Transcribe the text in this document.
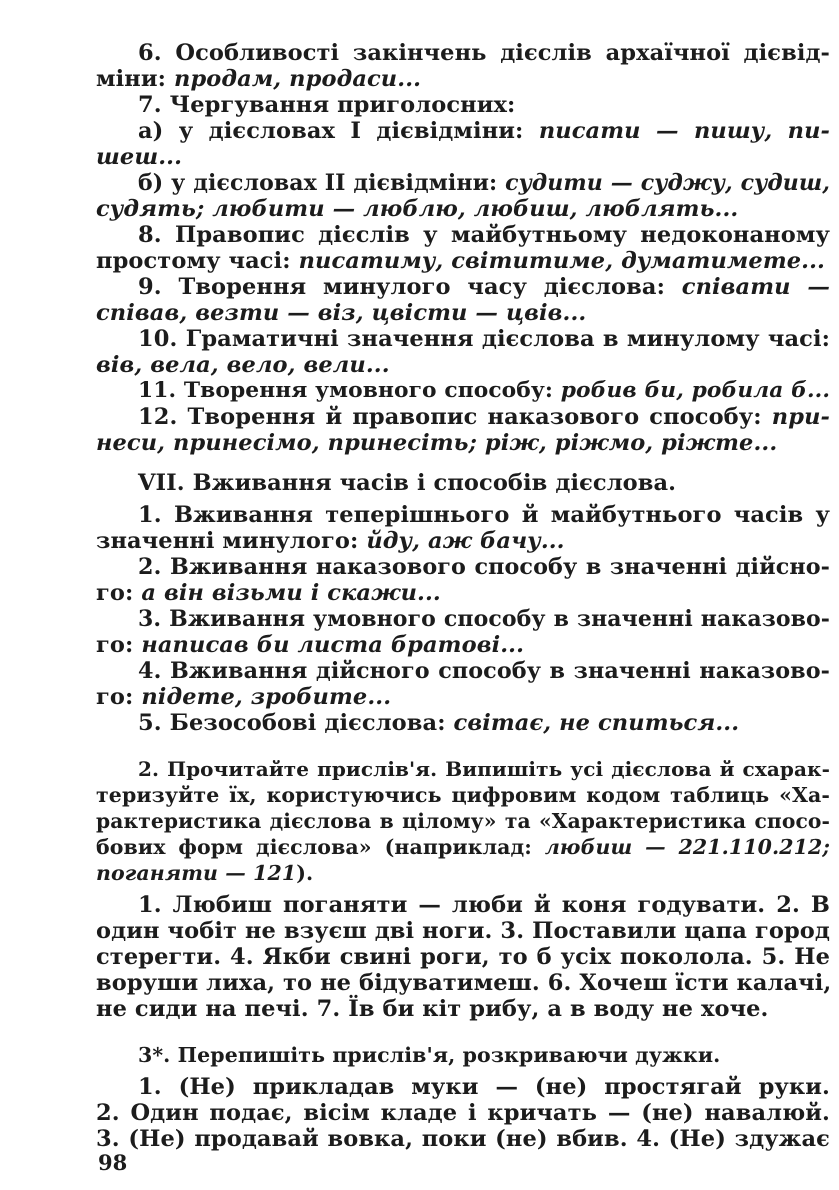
6. Особливості закінчень дієслів архаїчної дієвід-
міни: продам, продаси...
7. Чергування приголосних:
а) у дієсловах I дієвідміни: писати — пишу, пи-
шеш...
б) у дієсловах II дієвідміни: судити — суджу, судиш,
судять; любити — люблю, любиш, люблять...
8. Правопис дієслів у майбутньому недоконаному
простому часі: писатиму, світитиме, думатимете...
9. Творення минулого часу дієслова: співати —
співав, везти — віз, цвісти — цвів...
10. Граматичні значення дієслова в минулому часі:
вів, вела, вело, вели...
11. Творення умовного способу: робив би, робила б...
12. Творення й правопис наказового способу: при-
неси, принесімо, принесіть; ріж, ріжмо, ріжте...
VII. Вживання часів і способів дієслова.
1. Вживання теперішнього й майбутнього часів у
значенні минулого: йду, аж бачу...
2. Вживання наказового способу в значенні дійсно-
го: а він візьми і скажи...
3. Вживання умовного способу в значенні наказово-
го: написав би листа братові...
4. Вживання дійсного способу в значенні наказово-
го: підете, зробите...
5. Безособові дієслова: світає, не спиться...
2. Прочитайте прислів'я. Випишіть усі дієслова й схарак-
теризуйте їх, користуючись цифровим кодом таблиць «Ха-
рактеристика дієслова в цілому» та «Характеристика спосо-
бових форм дієслова» (наприклад: любиш — 221.110.212;
поганяти — 121).
1. Любиш поганяти — люби й коня годувати. 2. В
один чобіт не взуєш дві ноги. 3. Поставили цапа город
стерегти. 4. Якби свині роги, то б усіх поколола. 5. Не
воруши лиха, то не бідуватимеш. 6. Хочеш їсти калачі,
не сиди на печі. 7. Їв би кіт рибу, а в воду не хоче.
3*. Перепишіть прислів'я, розкриваючи дужки.
1. (Не) прикладав муки — (не) простягай руки.
2. Один подає, вісім кладе і кричать — (не) навалюй.
3. (Не) продавай вовка, поки (не) вбив. 4. (Не) здужає
98
